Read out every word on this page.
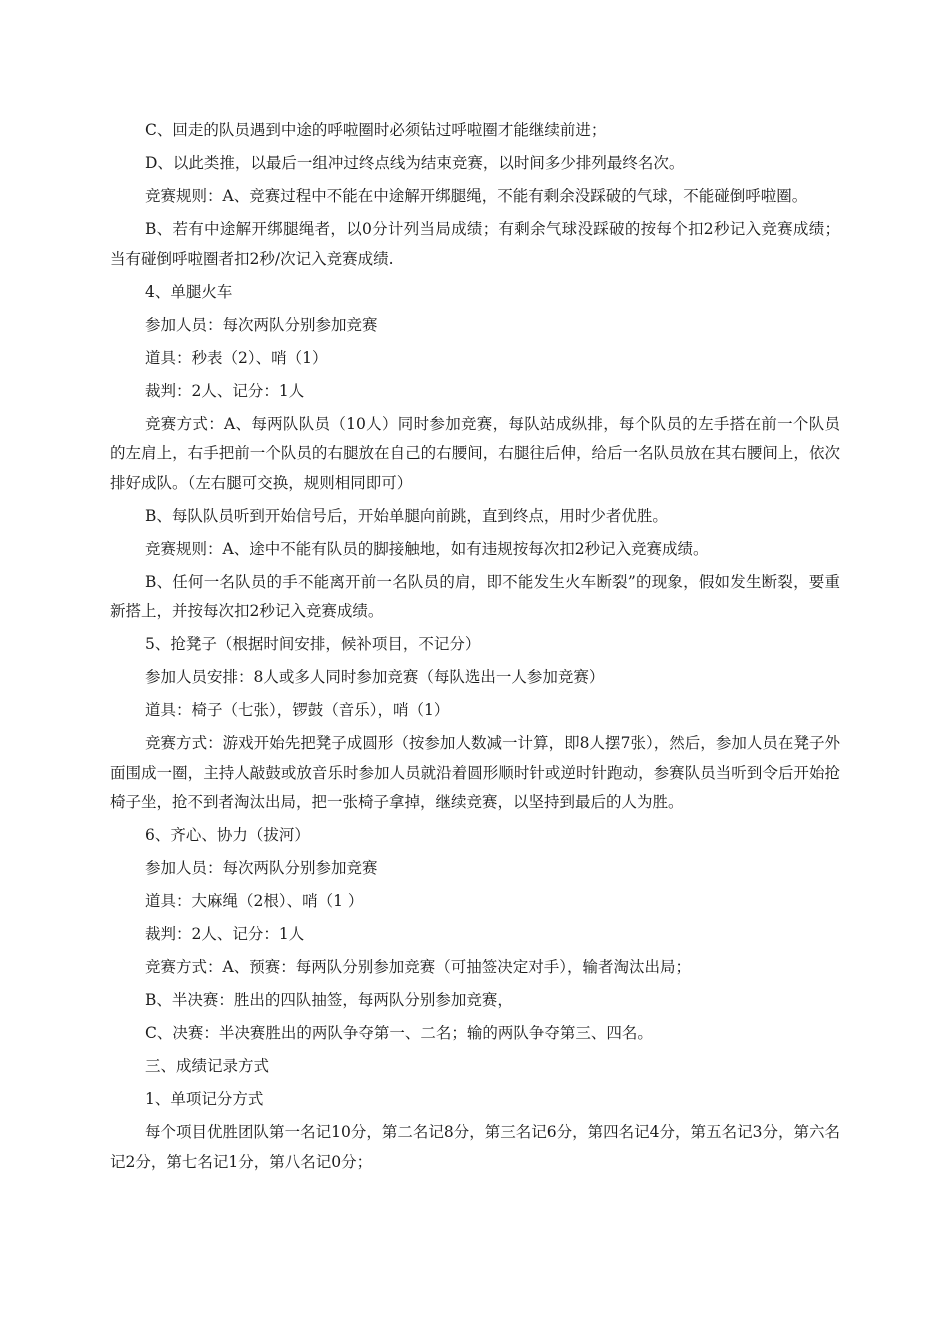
C、回走的队员遇到中途的呼啦圈时必须钻过呼啦圈才能继续前进；

D、以此类推，以最后一组冲过终点线为结束竞赛，以时间多少排列最终名次。

竞赛规则：A、竞赛过程中不能在中途解开绑腿绳，不能有剩余没踩破的气球，不能碰倒呼啦圈。

B、若有中途解开绑腿绳者，以0分计列当局成绩；有剩余气球没踩破的按每个扣2秒记入竞赛成绩；当有碰倒呼啦圈者扣2秒/次记入竞赛成绩.

4、单腿火车

参加人员：每次两队分别参加竞赛

道具：秒表（2）、哨（1）

裁判：2人、记分：1人

竞赛方式：A、每两队队员（10人）同时参加竞赛，每队站成纵排，每个队员的左手搭在前一个队员的左肩上，右手把前一个队员的右腿放在自己的右腰间，右腿往后伸，给后一名队员放在其右腰间上，依次排好成队。（左右腿可交换，规则相同即可）

B、每队队员听到开始信号后，开始单腿向前跳，直到终点，用时少者优胜。

竞赛规则：A、途中不能有队员的脚接触地，如有违规按每次扣2秒记入竞赛成绩。

B、任何一名队员的手不能离开前一名队员的肩，即不能发生火车断裂”的现象，假如发生断裂，要重新搭上，并按每次扣2秒记入竞赛成绩。

5、抢凳子（根据时间安排，候补项目，不记分）

参加人员安排：8人或多人同时参加竞赛（每队选出一人参加竞赛）

道具：椅子（七张），锣鼓（音乐），哨（1）

竞赛方式：游戏开始先把凳子成圆形（按参加人数减一计算，即8人摆7张），然后，参加人员在凳子外面围成一圈，主持人敲鼓或放音乐时参加人员就沿着圆形顺时针或逆时针跑动，参赛队员当听到令后开始抢椅子坐，抢不到者淘汰出局，把一张椅子拿掉，继续竞赛，以坚持到最后的人为胜。

6、齐心、协力（拔河）

参加人员：每次两队分别参加竞赛

道具：大麻绳（2根）、哨（1 ）

裁判：2人、记分：1人

竞赛方式：A、预赛：每两队分别参加竞赛（可抽签决定对手），输者淘汰出局；

B、半决赛：胜出的四队抽签，每两队分别参加竞赛，

C、决赛：半决赛胜出的两队争夺第一、二名；输的两队争夺第三、四名。

三、成绩记录方式

1、单项记分方式

每个项目优胜团队第一名记10分，第二名记8分，第三名记6分，第四名记4分，第五名记3分，第六名记2分，第七名记1分，第八名记0分；
